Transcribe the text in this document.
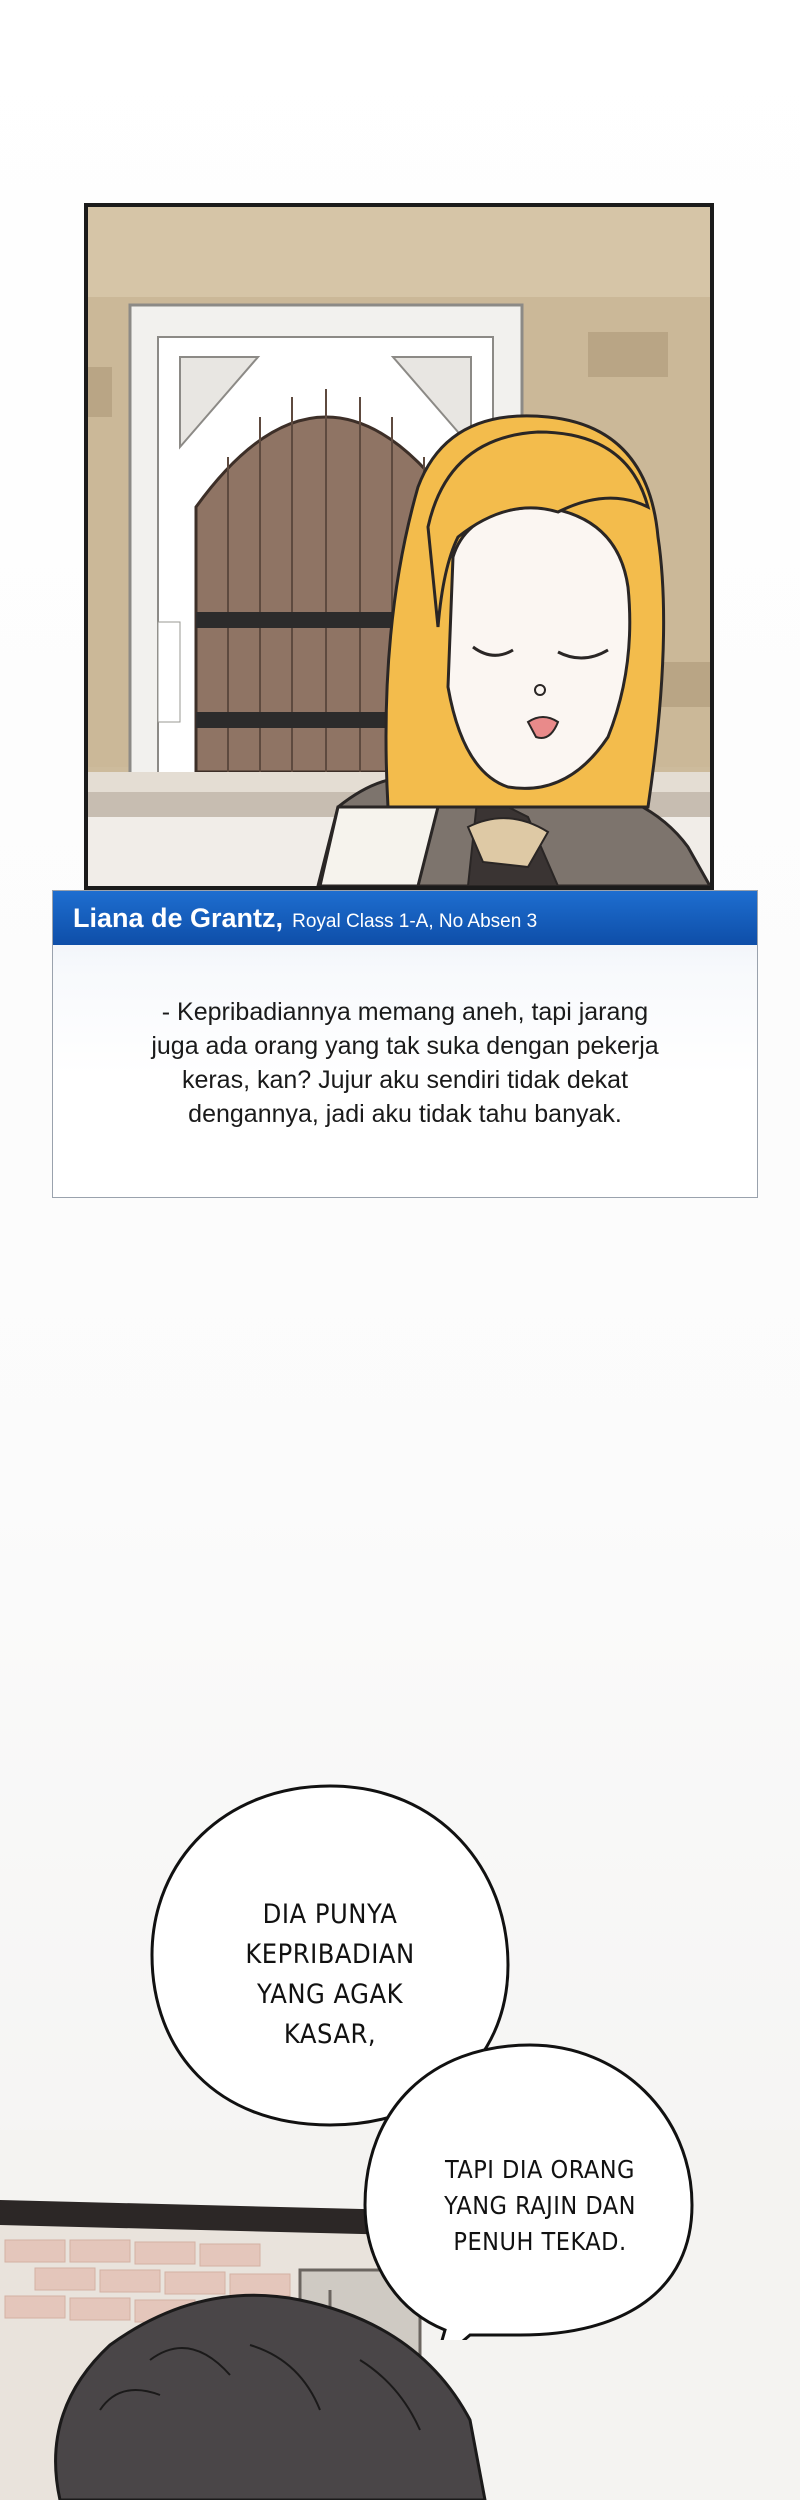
Liana de Grantz, Royal Class 1-A, No Absen 3
- Kepribadiannya memang aneh, tapi jarang
juga ada orang yang tak suka dengan pekerja
keras, kan? Jujur aku sendiri tidak dekat
dengannya, jadi aku tidak tahu banyak.
DIA PUNYA
KEPRIBADIAN
YANG AGAK
KASAR,
TAPI DIA ORANG
YANG RAJIN DAN
PENUH TEKAD.
